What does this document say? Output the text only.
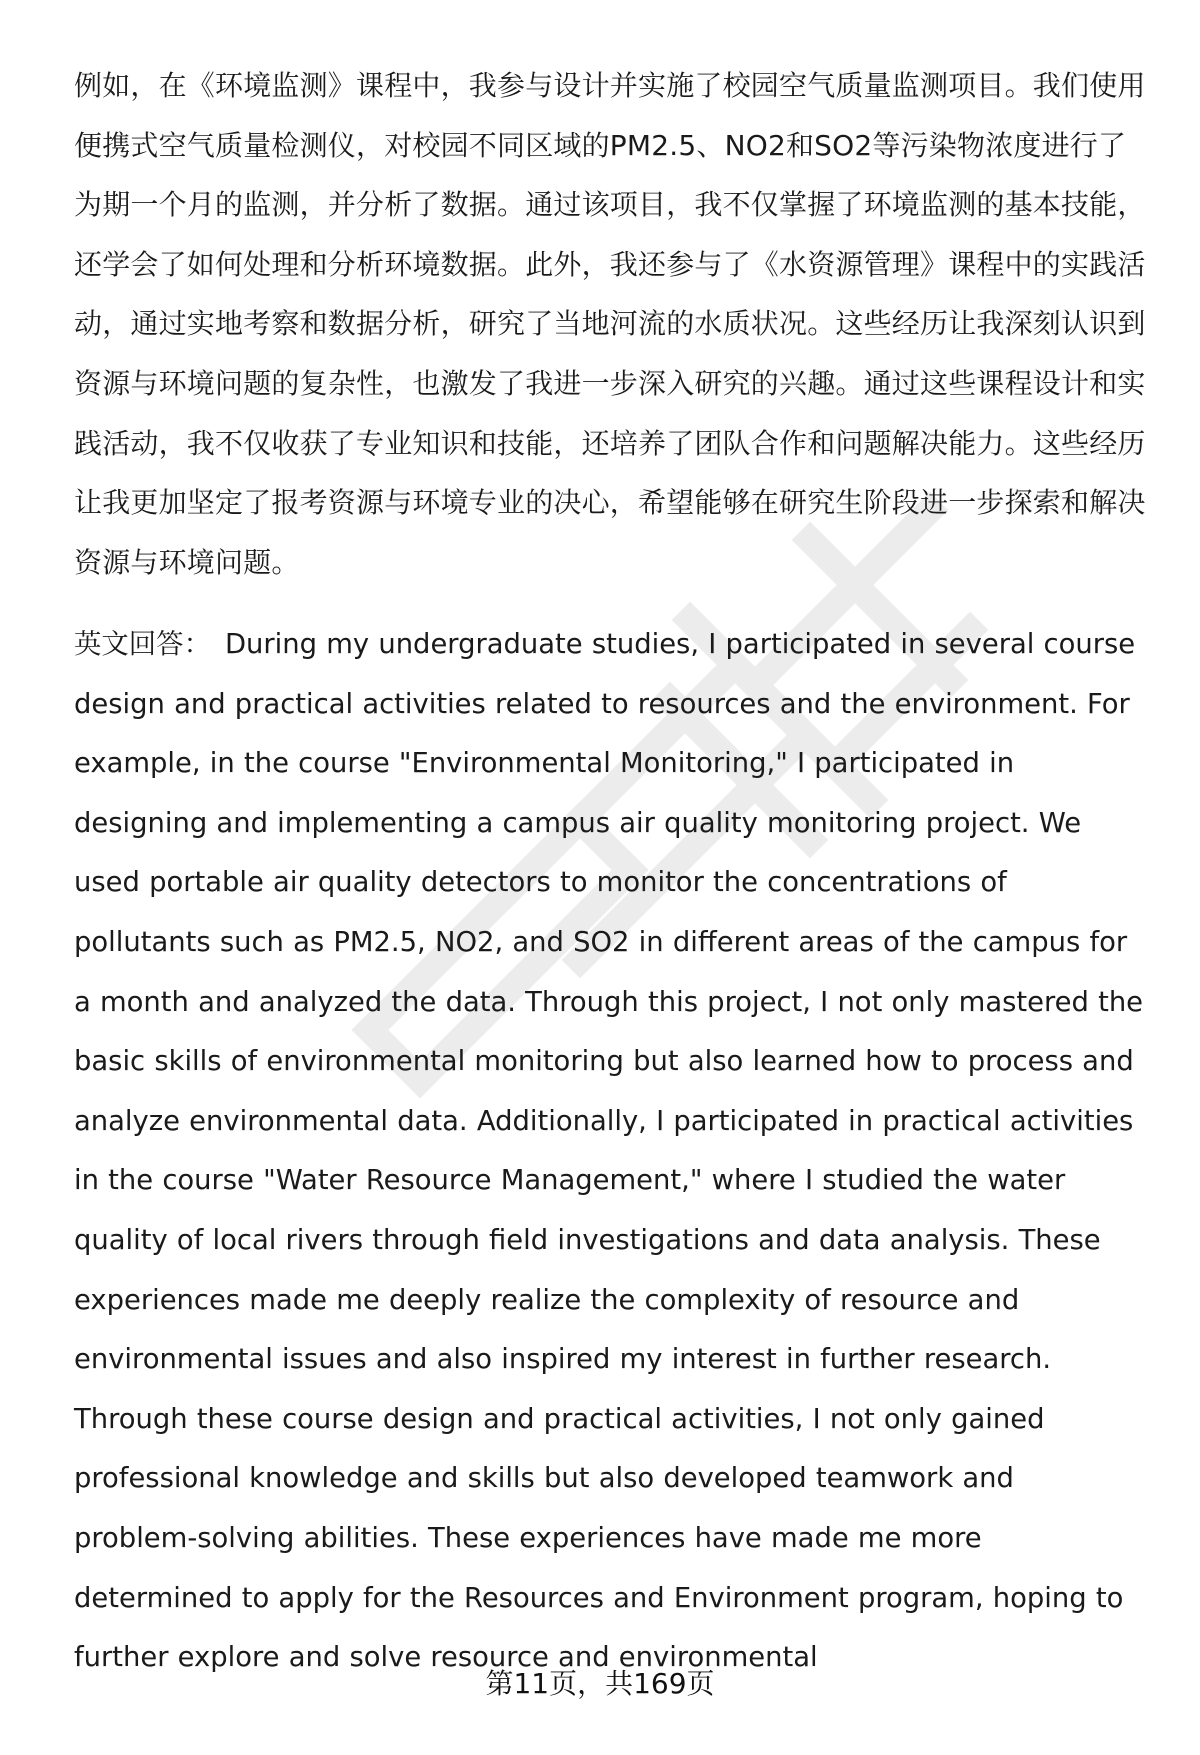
例如，在《环境监测》课程中，我参与设计并实施了校园空气质量监测项目。我们使用便携式空气质量检测仪，对校园不同区域的PM2.5、NO2和SO2等污染物浓度进行了为期一个月的监测，并分析了数据。通过该项目，我不仅掌握了环境监测的基本技能，还学会了如何处理和分析环境数据。此外，我还参与了《水资源管理》课程中的实践活动，通过实地考察和数据分析，研究了当地河流的水质状况。这些经历让我深刻认识到资源与环境问题的复杂性，也激发了我进一步深入研究的兴趣。通过这些课程设计和实践活动，我不仅收获了专业知识和技能，还培养了团队合作和问题解决能力。这些经历让我更加坚定了报考资源与环境专业的决心，希望能够在研究生阶段进一步探索和解决资源与环境问题。

英文回答： During my undergraduate studies, I participated in several course design and practical activities related to resources and the environment. For example, in the course "Environmental Monitoring," I participated in designing and implementing a campus air quality monitoring project. We used portable air quality detectors to monitor the concentrations of pollutants such as PM2.5, NO2, and SO2 in different areas of the campus for a month and analyzed the data. Through this project, I not only mastered the basic skills of environmental monitoring but also learned how to process and analyze environmental data. Additionally, I participated in practical activities in the course "Water Resource Management," where I studied the water quality of local rivers through field investigations and data analysis. These experiences made me deeply realize the complexity of resource and environmental issues and also inspired my interest in further research. Through these course design and practical activities, I not only gained professional knowledge and skills but also developed teamwork and problem-solving abilities. These experiences have made me more determined to apply for the Resources and Environment program, hoping to further explore and solve resource and environmental

第11页，共169页
